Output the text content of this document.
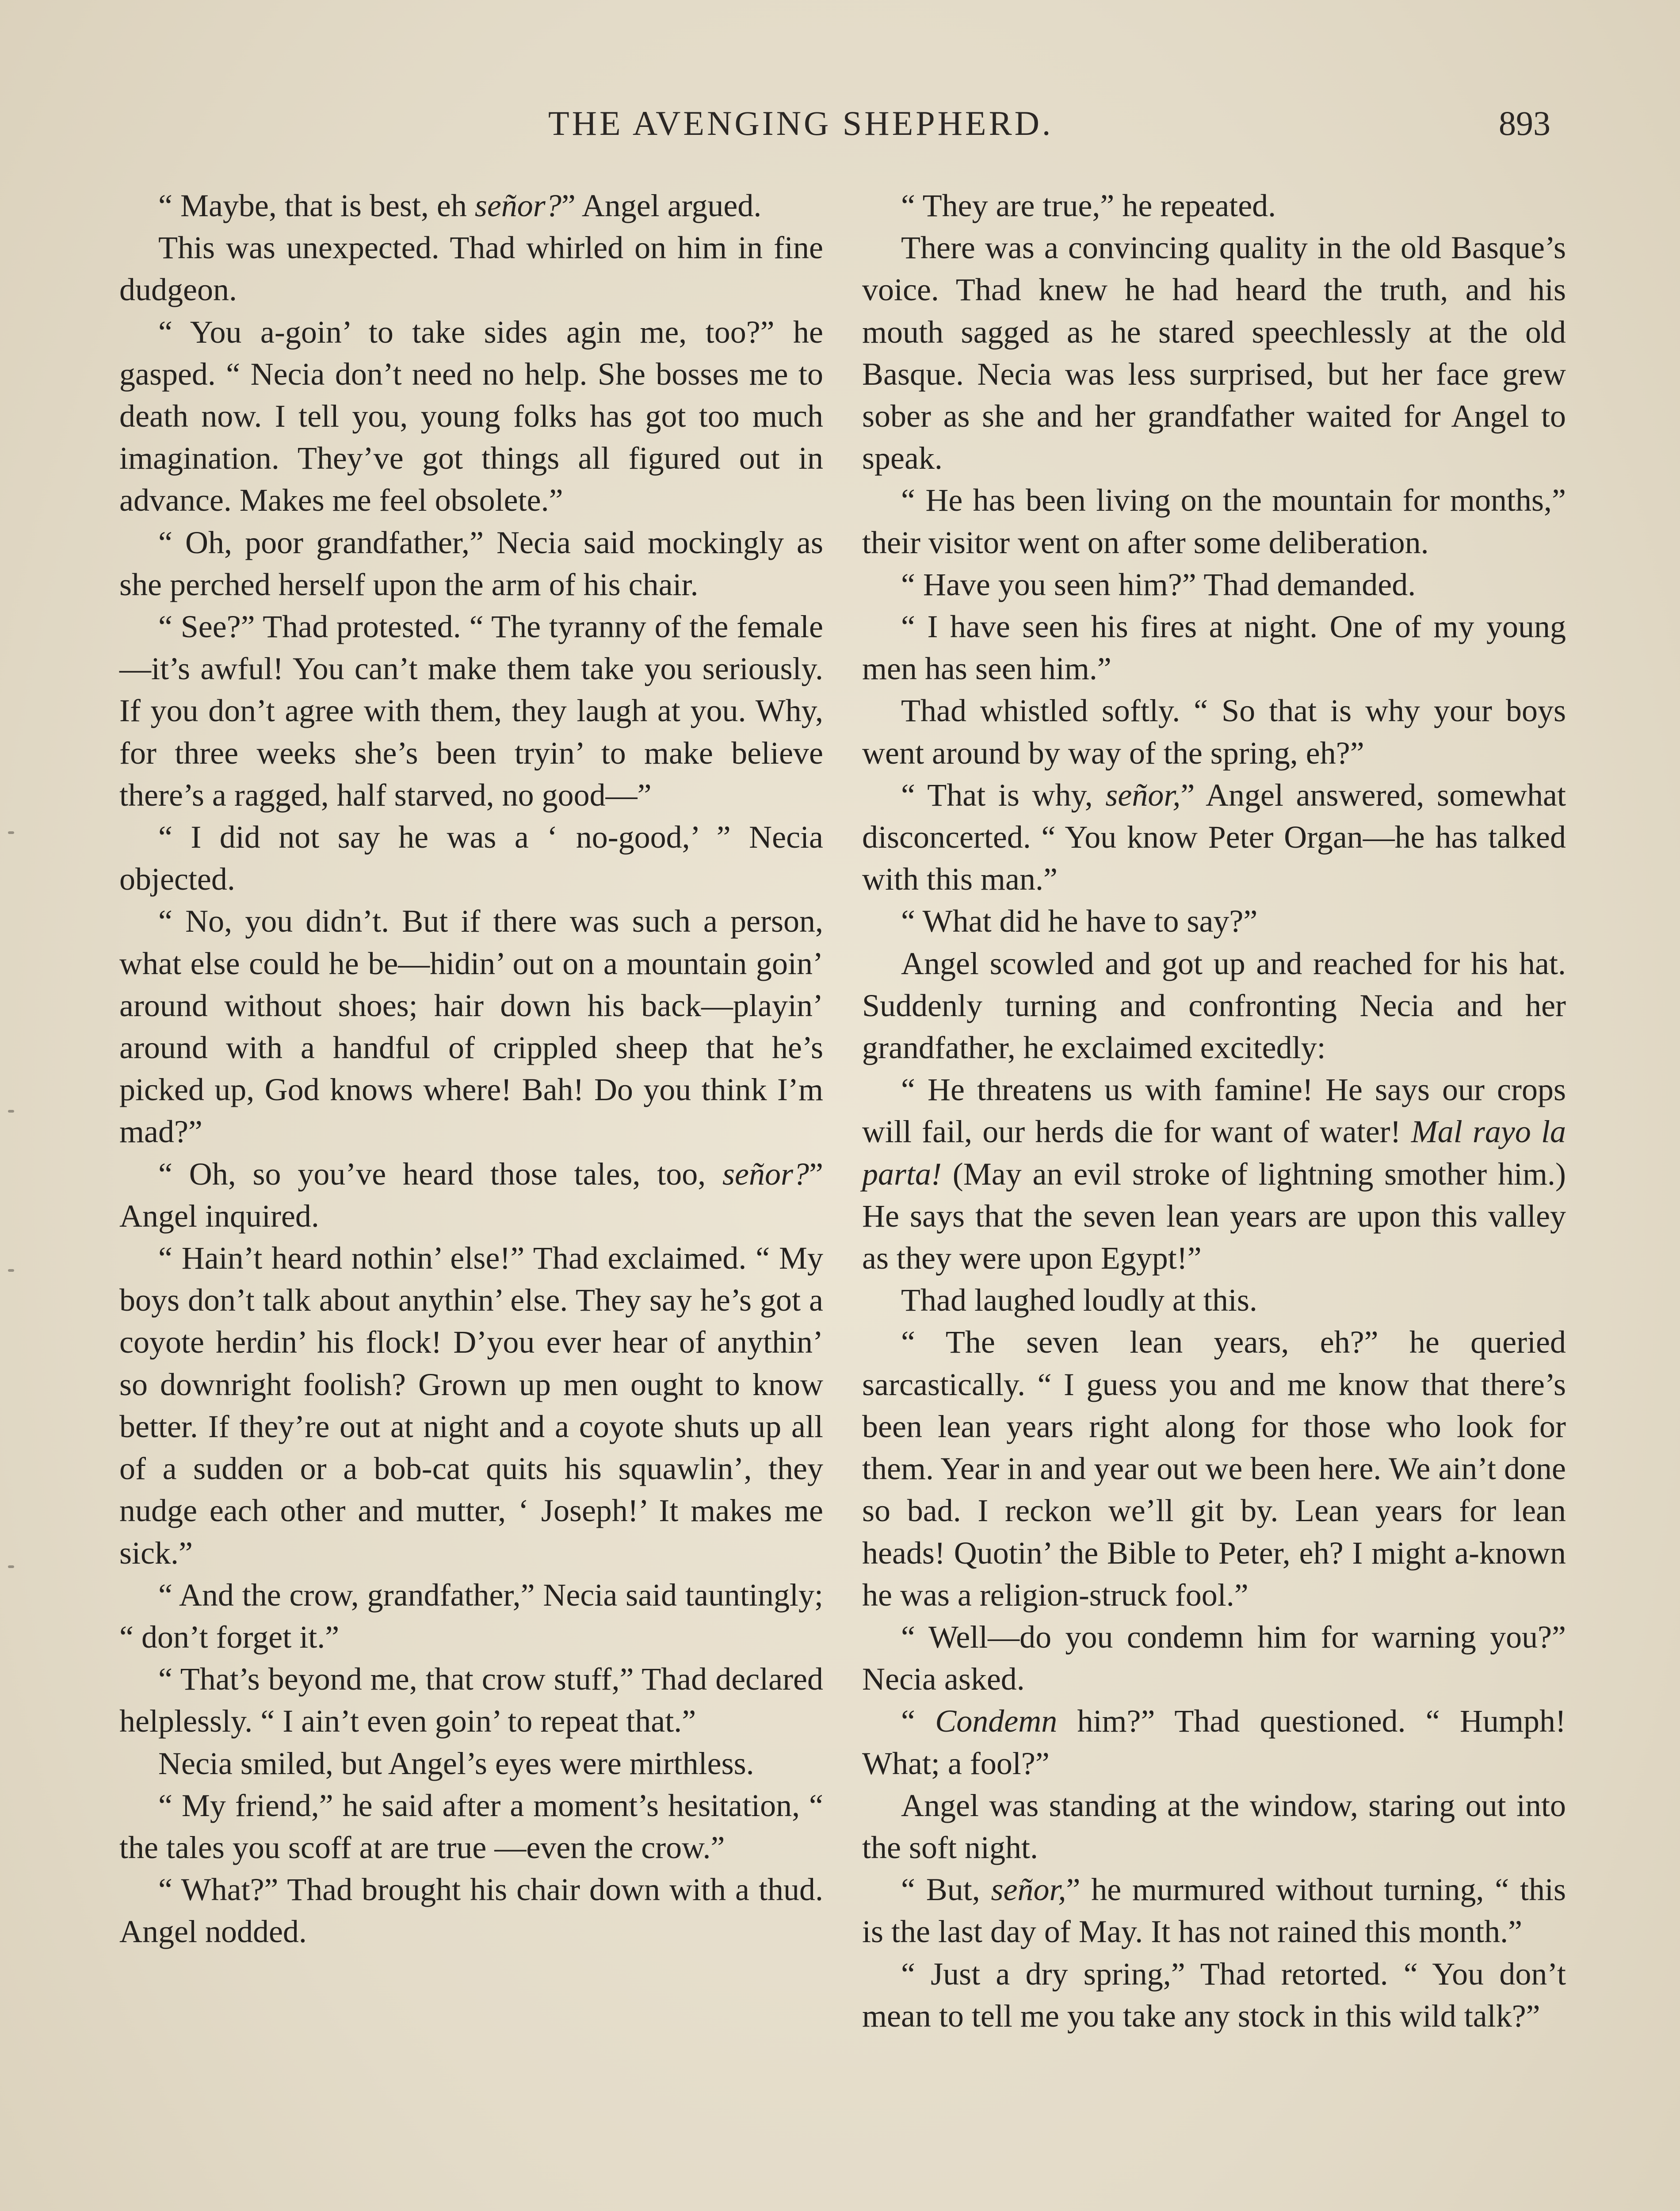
THE AVENGING SHEPHERD.	893

“ Maybe, that is best, eh señor?” Angel argued.

This was unexpected. Thad whirled on him in fine dudgeon.

“ You a-goin’ to take sides agin me, too?” he gasped. “ Necia don’t need no help. She bosses me to death now. I tell you, young folks has got too much imagination. They’ve got things all figured out in advance. Makes me feel obsolete.”

“ Oh, poor grandfather,” Necia said mockingly as she perched herself upon the arm of his chair.

“ See?” Thad protested. “ The tyranny of the female—it’s awful! You can’t make them take you seriously. If you don’t agree with them, they laugh at you. Why, for three weeks she’s been tryin’ to make believe there’s a ragged, half starved, no good—”

“ I did not say he was a ‘ no-good,’ ” Necia objected.

“ No, you didn’t. But if there was such a person, what else could he be—hidin’ out on a mountain goin’ around without shoes; hair down his back—playin’ around with a handful of crippled sheep that he’s picked up, God knows where! Bah! Do you think I’m mad?”

“ Oh, so you’ve heard those tales, too, señor?” Angel inquired.

“ Hain’t heard nothin’ else!” Thad exclaimed. “ My boys don’t talk about anythin’ else. They say he’s got a coyote herdin’ his flock! D’you ever hear of anythin’ so downright foolish? Grown up men ought to know better. If they’re out at night and a coyote shuts up all of a sudden or a bob-cat quits his squawlin’, they nudge each other and mutter, ‘ Joseph!’ It makes me sick.”

“ And the crow, grandfather,” Necia said tauntingly; “ don’t forget it.”

“ That’s beyond me, that crow stuff,” Thad declared helplessly. “ I ain’t even goin’ to repeat that.”

Necia smiled, but Angel’s eyes were mirthless.

“ My friend,” he said after a moment’s hesitation, “ the tales you scoff at are true —even the crow.”

“ What?” Thad brought his chair down with a thud. Angel nodded.

“ They are true,” he repeated.

There was a convincing quality in the old Basque’s voice. Thad knew he had heard the truth, and his mouth sagged as he stared speechlessly at the old Basque. Necia was less surprised, but her face grew sober as she and her grandfather waited for Angel to speak.

“ He has been living on the mountain for months,” their visitor went on after some deliberation.

“ Have you seen him?” Thad demanded.

“ I have seen his fires at night. One of my young men has seen him.”

Thad whistled softly. “ So that is why your boys went around by way of the spring, eh?”

“ That is why, señor,” Angel answered, somewhat disconcerted. “ You know Peter Organ—he has talked with this man.”

“ What did he have to say?”

Angel scowled and got up and reached for his hat. Suddenly turning and confronting Necia and her grandfather, he exclaimed excitedly:

“ He threatens us with famine! He says our crops will fail, our herds die for want of water! Mal rayo la parta! (May an evil stroke of lightning smother him.) He says that the seven lean years are upon this valley as they were upon Egypt!”

Thad laughed loudly at this.

“ The seven lean years, eh?” he queried sarcastically. “ I guess you and me know that there’s been lean years right along for those who look for them. Year in and year out we been here. We ain’t done so bad. I reckon we’ll git by. Lean years for lean heads! Quotin’ the Bible to Peter, eh? I might a-known he was a religion-struck fool.”

“ Well—do you condemn him for warning you?” Necia asked.

“ Condemn him?” Thad questioned. “ Humph! What; a fool?”

Angel was standing at the window, staring out into the soft night.

“ But, señor,” he murmured without turning, “ this is the last day of May. It has not rained this month.”

“ Just a dry spring,” Thad retorted. “ You don’t mean to tell me you take any stock in this wild talk?”
